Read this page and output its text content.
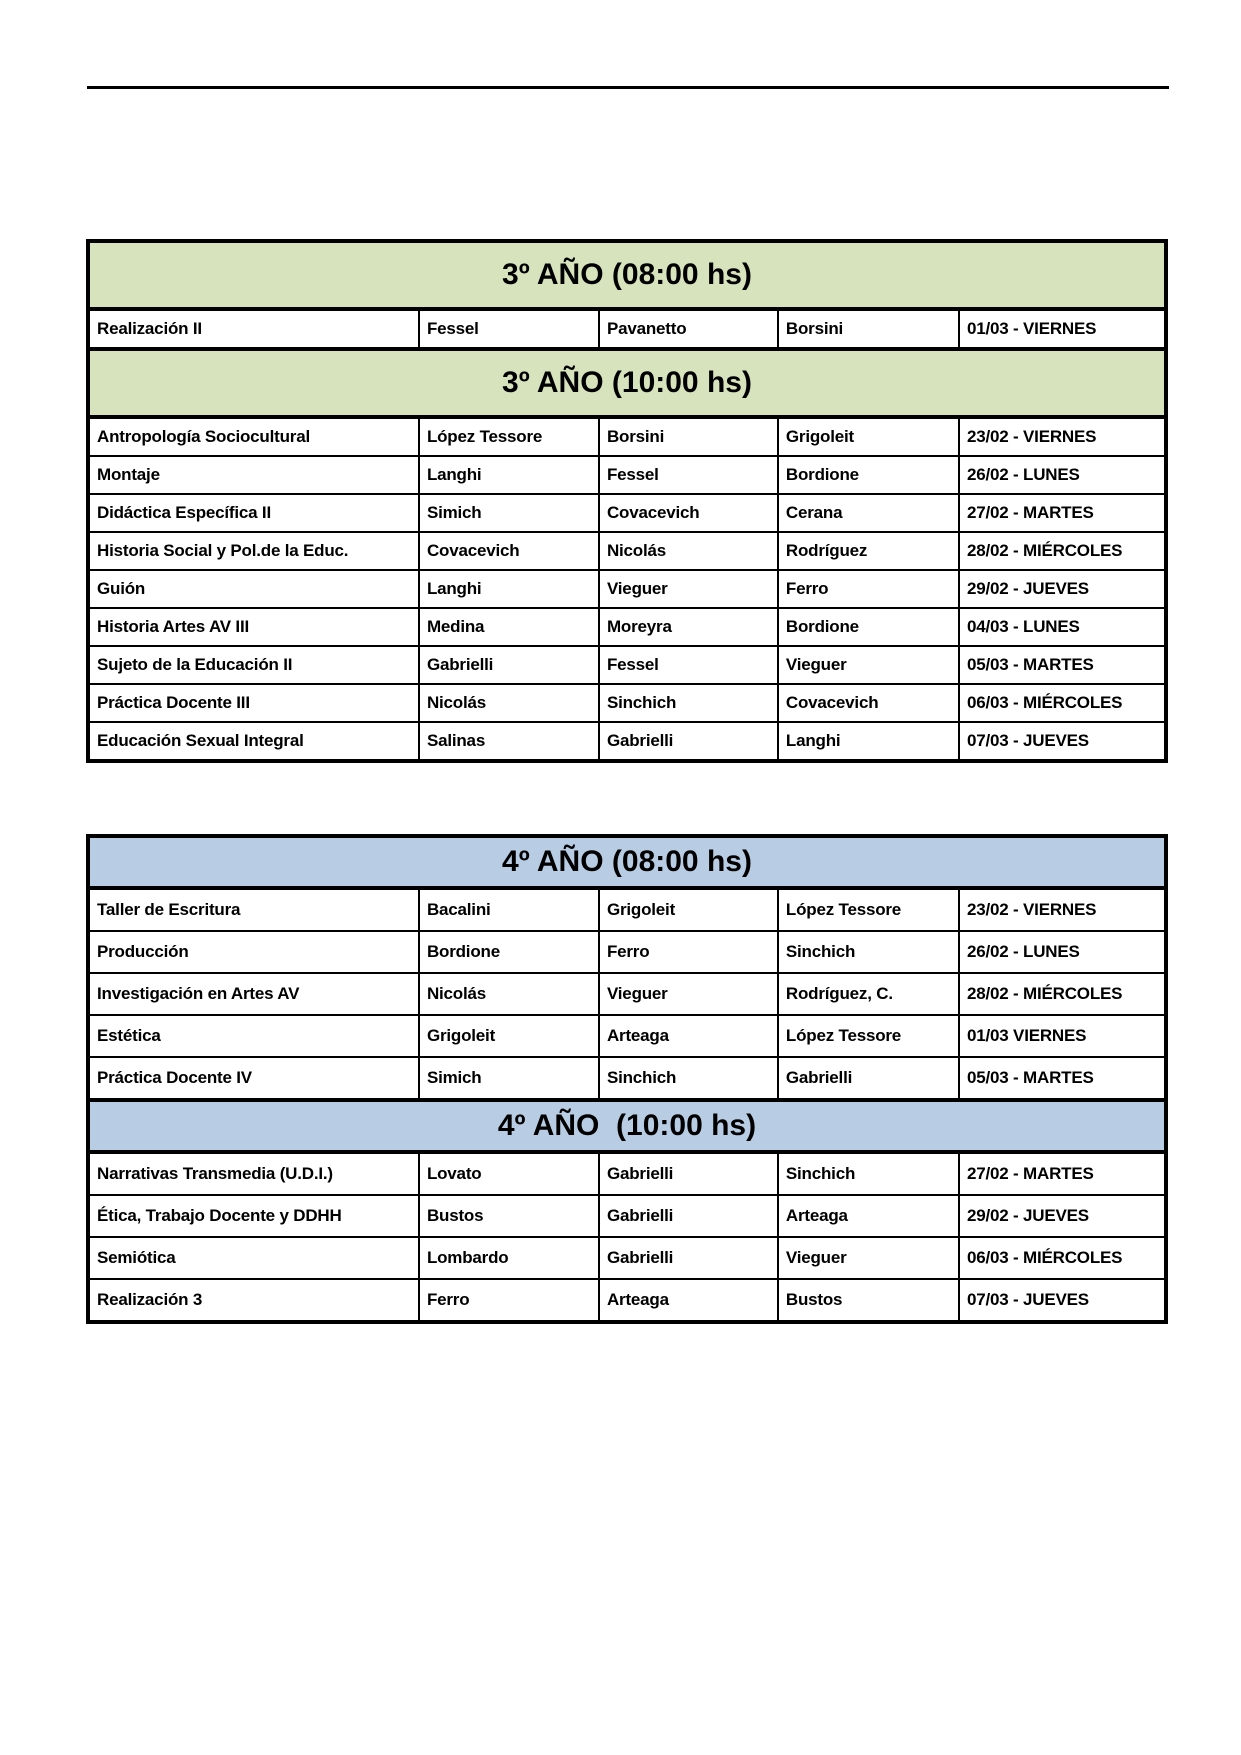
3º AÑO (08:00 hs)				
Realización II	Fessel	Pavanetto	Borsini	01/03 - VIERNES
3º AÑO (10:00 hs)				
Antropología Sociocultural	López Tessore	Borsini	Grigoleit	23/02 - VIERNES
Montaje	Langhi	Fessel	Bordione	26/02 - LUNES
Didáctica Específica II	Simich	Covacevich	Cerana	27/02 - MARTES
Historia Social y Pol.de la Educ.	Covacevich	Nicolás	Rodríguez	28/02 - MIÉRCOLES
Guión	Langhi	Vieguer	Ferro	29/02 - JUEVES
Historia Artes AV III	Medina	Moreyra	Bordione	04/03 - LUNES
Sujeto de la Educación II	Gabrielli	Fessel	Vieguer	05/03 - MARTES
Práctica Docente III	Nicolás	Sinchich	Covacevich	06/03 - MIÉRCOLES
Educación Sexual Integral	Salinas	Gabrielli	Langhi	07/03 - JUEVES
4º AÑO (08:00 hs)				
Taller de Escritura	Bacalini	Grigoleit	López Tessore	23/02 - VIERNES
Producción	Bordione	Ferro	Sinchich	26/02 - LUNES
Investigación en Artes AV	Nicolás	Vieguer	Rodríguez, C.	28/02 - MIÉRCOLES
Estética	Grigoleit	Arteaga	López Tessore	01/03 VIERNES
Práctica Docente IV	Simich	Sinchich	Gabrielli	05/03 - MARTES
4º AÑO  (10:00 hs)				
Narrativas Transmedia (U.D.I.)	Lovato	Gabrielli	Sinchich	27/02 - MARTES
Ética, Trabajo Docente y DDHH	Bustos	Gabrielli	Arteaga	29/02 - JUEVES
Semiótica	Lombardo	Gabrielli	Vieguer	06/03 - MIÉRCOLES
Realización 3	Ferro	Arteaga	Bustos	07/03 - JUEVES
